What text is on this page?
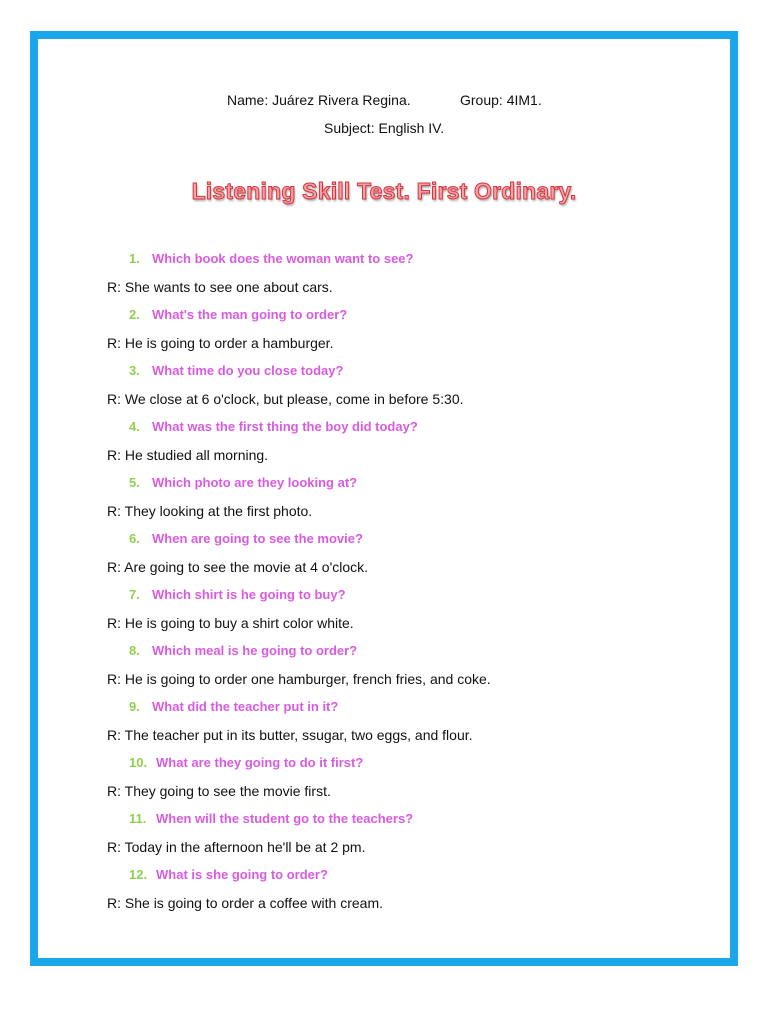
Name: Juárez Rivera Regina.	Group: 4IM1.
Subject: English IV.
Listening Skill Test. First Ordinary.
1. Which book does the woman want to see?
R: She wants to see one about cars.
2. What's the man going to order?
R: He is going to order a hamburger.
3. What time do you close today?
R: We close at 6 o'clock, but please, come in before 5:30.
4. What was the first thing the boy did today?
R: He studied all morning.
5. Which photo are they looking at?
R: They looking at the first photo.
6. When are going to see the movie?
R: Are going to see the movie at 4 o'clock.
7. Which shirt is he going to buy?
R: He is going to buy a shirt color white.
8. Which meal is he going to order?
R: He is going to order one hamburger, french fries, and coke.
9. What did the teacher put in it?
R: The teacher put in its butter, ssugar, two eggs, and flour.
10. What are they going to do it first?
R: They going to see the movie first.
11. When will the student go to the teachers?
R: Today in the afternoon he'll be at 2 pm.
12. What is she going to order?
R: She is going to order a coffee with cream.
